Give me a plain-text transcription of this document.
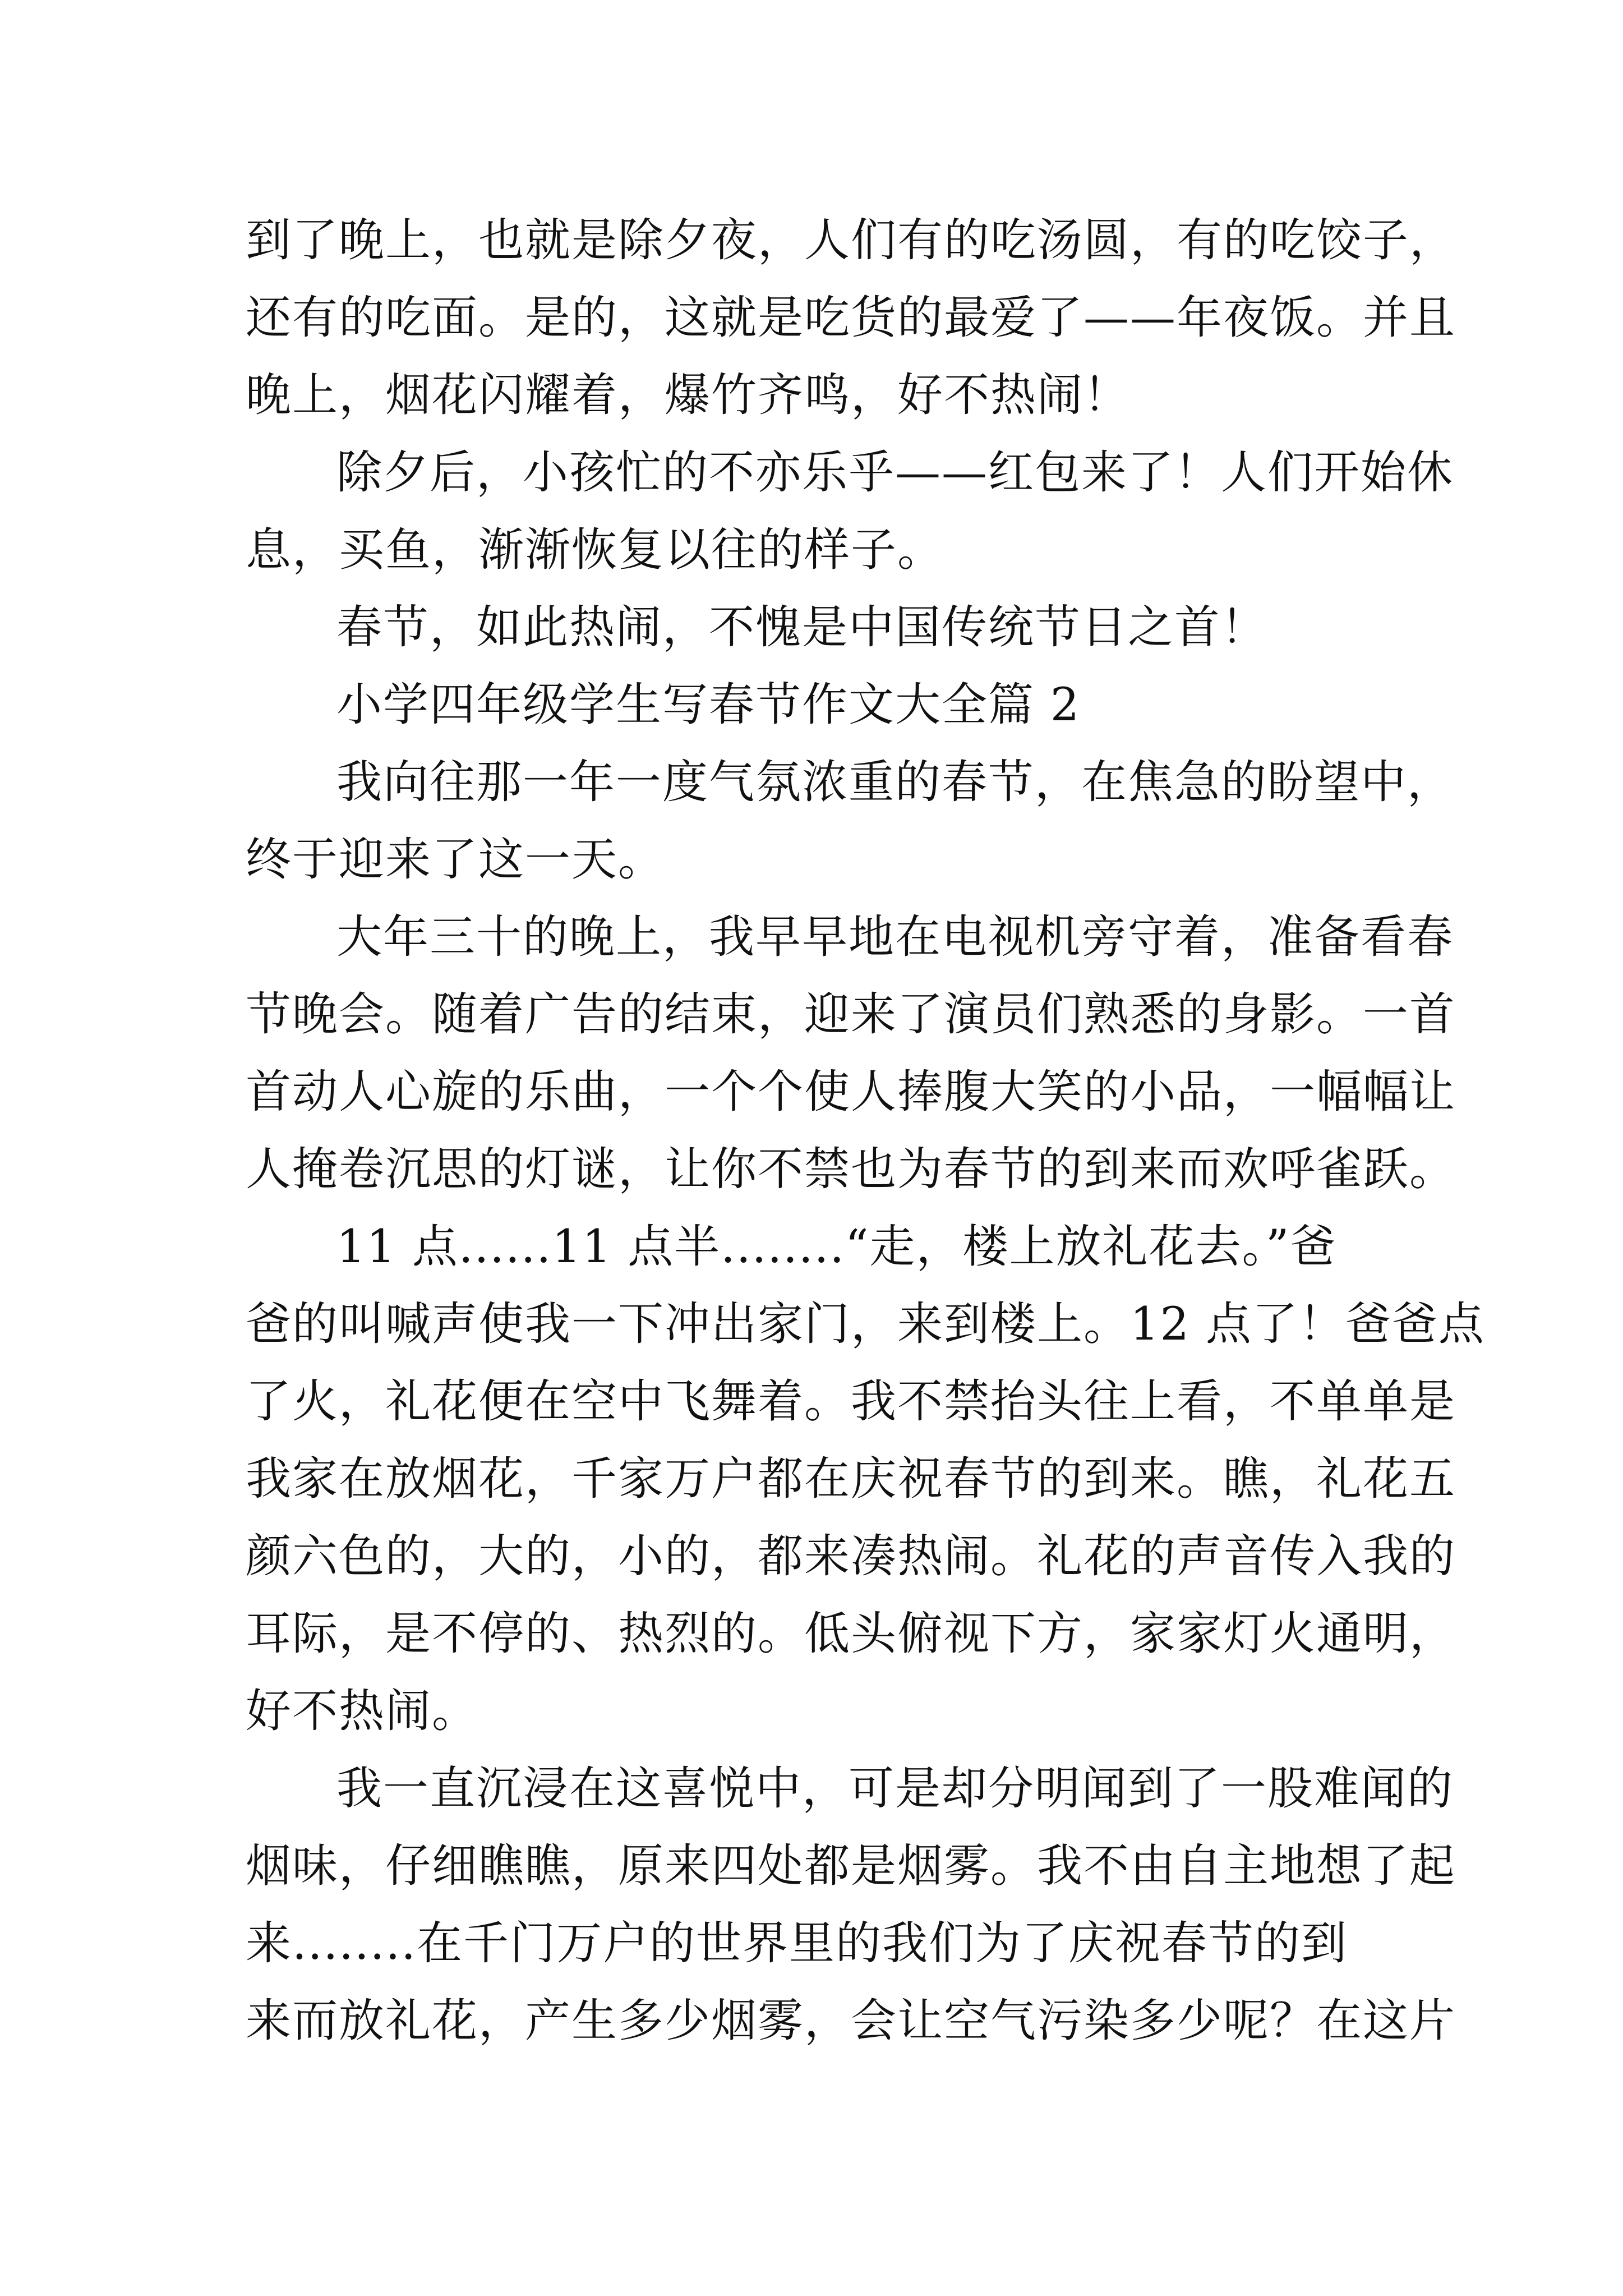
到了晚上，也就是除夕夜，人们有的吃汤圆，有的吃饺子，
还有的吃面。是的，这就是吃货的最爱了——年夜饭。并且
晚上，烟花闪耀着，爆竹齐鸣，好不热闹！
除夕后，小孩忙的不亦乐乎——红包来了！人们开始休
息，买鱼，渐渐恢复以往的样子。
春节，如此热闹，不愧是中国传统节日之首！
小学四年级学生写春节作文大全篇 2
我向往那一年一度气氛浓重的春节，在焦急的盼望中，
终于迎来了这一天。
大年三十的晚上，我早早地在电视机旁守着，准备看春
节晚会。随着广告的结束，迎来了演员们熟悉的身影。一首
首动人心旋的乐曲，一个个使人捧腹大笑的小品，一幅幅让
人掩卷沉思的灯谜，让你不禁也为春节的到来而欢呼雀跃。
11 点......11 点半........“走，楼上放礼花去。”爸
爸的叫喊声使我一下冲出家门，来到楼上。12 点了！爸爸点
了火，礼花便在空中飞舞着。我不禁抬头往上看，不单单是
我家在放烟花，千家万户都在庆祝春节的到来。瞧，礼花五
颜六色的，大的，小的，都来凑热闹。礼花的声音传入我的
耳际，是不停的、热烈的。低头俯视下方，家家灯火通明，
好不热闹。
我一直沉浸在这喜悦中，可是却分明闻到了一股难闻的
烟味，仔细瞧瞧，原来四处都是烟雾。我不由自主地想了起
来........在千门万户的世界里的我们为了庆祝春节的到
来而放礼花，产生多少烟雾，会让空气污染多少呢？在这片
